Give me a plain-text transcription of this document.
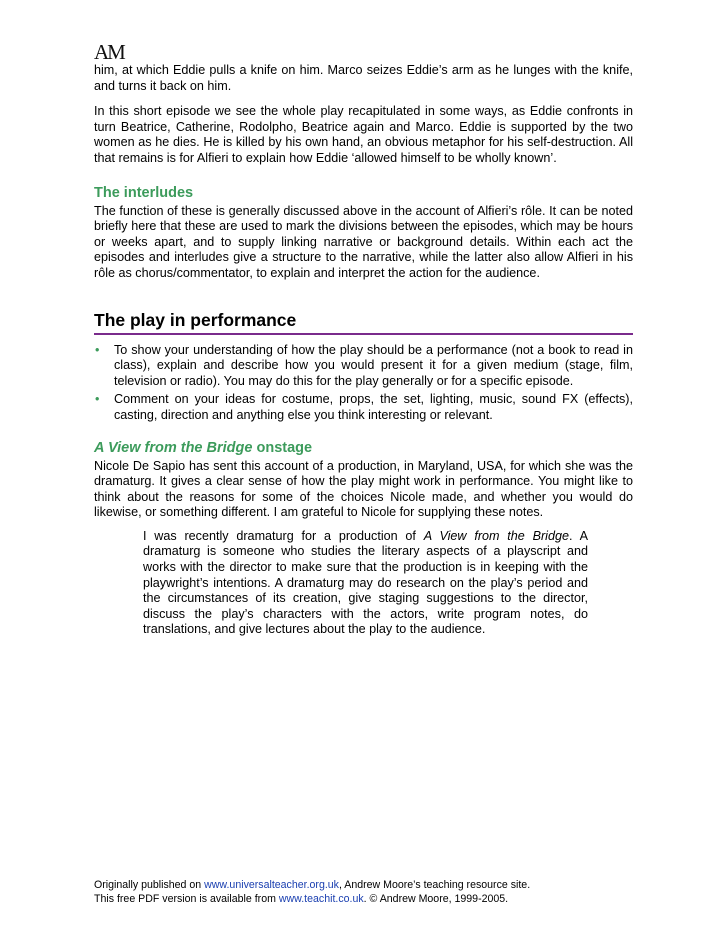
AM

him, at which Eddie pulls a knife on him. Marco seizes Eddie’s arm as he lunges with the knife, and turns it back on him.

In this short episode we see the whole play recapitulated in some ways, as Eddie confronts in turn Beatrice, Catherine, Rodolpho, Beatrice again and Marco. Eddie is supported by the two women as he dies. He is killed by his own hand, an obvious metaphor for his self-destruction. All that remains is for Alfieri to explain how Eddie ‘allowed himself to be wholly known’.

The interludes

The function of these is generally discussed above in the account of Alfieri’s rôle. It can be noted briefly here that these are used to mark the divisions between the episodes, which may be hours or weeks apart, and to supply linking narrative or background details. Within each act the episodes and interludes give a structure to the narrative, while the latter also allow Alfieri in his rôle as chorus/commentator, to explain and interpret the action for the audience.

The play in performance
• To show your understanding of how the play should be a performance (not a book to read in class), explain and describe how you would present it for a given medium (stage, film, television or radio). You may do this for the play generally or for a specific episode.
• Comment on your ideas for costume, props, the set, lighting, music, sound FX (effects), casting, direction and anything else you think interesting or relevant.
A View from the Bridge onstage

Nicole De Sapio has sent this account of a production, in Maryland, USA, for which she was the dramaturg. It gives a clear sense of how the play might work in performance. You might like to think about the reasons for some of the choices Nicole made, and whether you would do likewise, or something different. I am grateful to Nicole for supplying these notes.

I was recently dramaturg for a production of A View from the Bridge. A dramaturg is someone who studies the literary aspects of a playscript and works with the director to make sure that the production is in keeping with the playwright’s intentions. A dramaturg may do research on the play’s period and the circumstances of its creation, give staging suggestions to the director, discuss the play’s characters with the actors, write program notes, do translations, and give lectures about the play to the audience.

Originally published on www.universalteacher.org.uk, Andrew Moore’s teaching resource site.
This free PDF version is available from www.teachit.co.uk. © Andrew Moore, 1999-2005.
